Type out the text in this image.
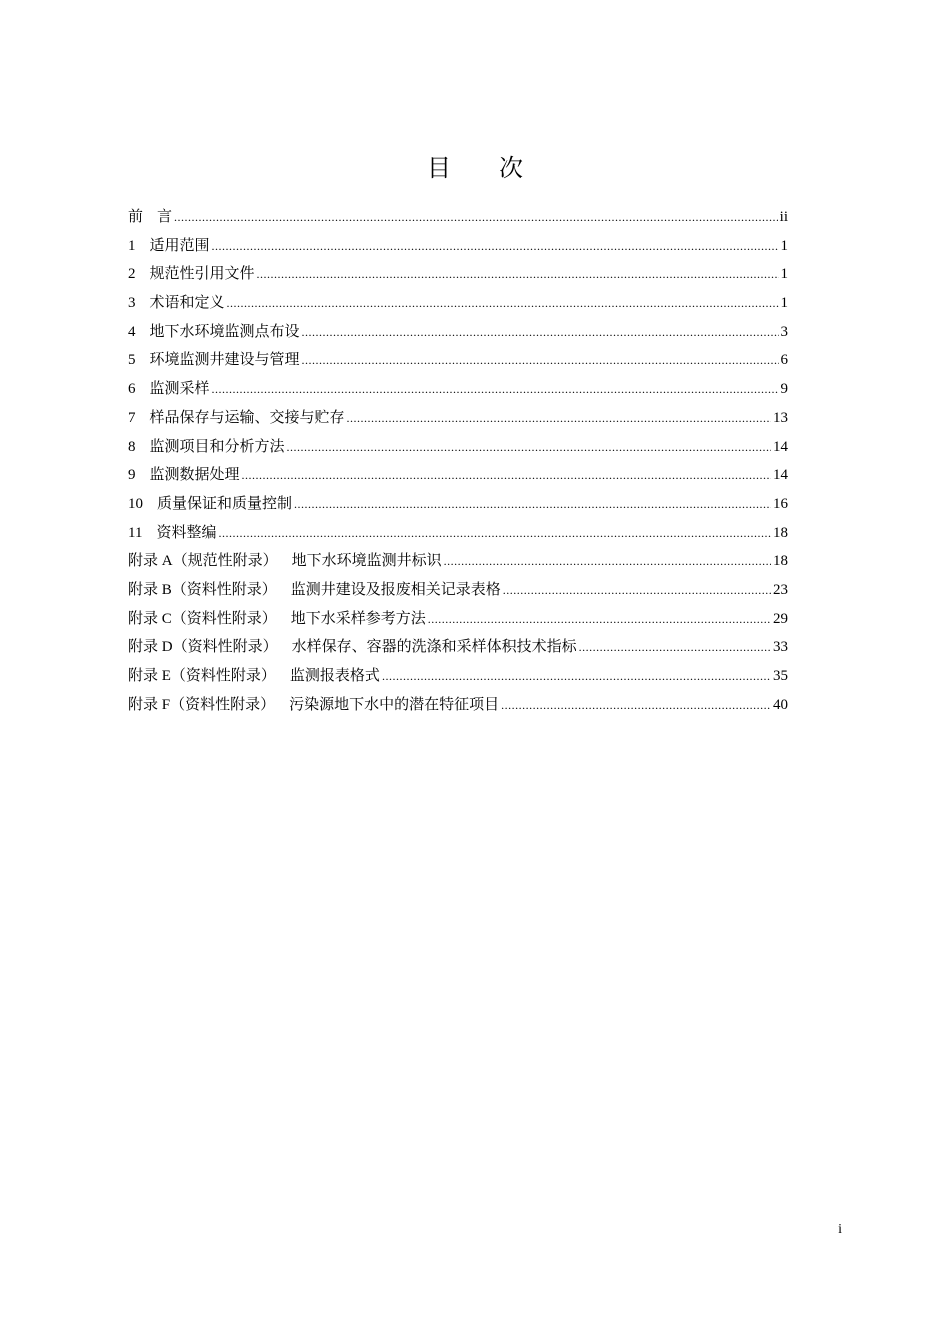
目 次
前 言 .....	ii
1 适用范围 .....	1
2 规范性引用文件 .....	1
3 术语和定义 .....	1
4 地下水环境监测点布设 .....	3
5 环境监测井建设与管理 .....	6
6 监测采样 .....	9
7 样品保存与运输、交接与贮存 .....	13
8 监测项目和分析方法 .....	14
9 监测数据处理 .....	14
10 质量保证和质量控制 .....	16
11 资料整编 .....	18
附录 A（规范性附录） 地下水环境监测井标识 .....	18
附录 B（资料性附录） 监测井建设及报废相关记录表格 .....	23
附录 C（资料性附录） 地下水采样参考方法 .....	29
附录 D（资料性附录） 水样保存、容器的洗涤和采样体积技术指标 .....	33
附录 E（资料性附录） 监测报表格式 .....	35
附录 F（资料性附录） 污染源地下水中的潜在特征项目 .....	40
i
